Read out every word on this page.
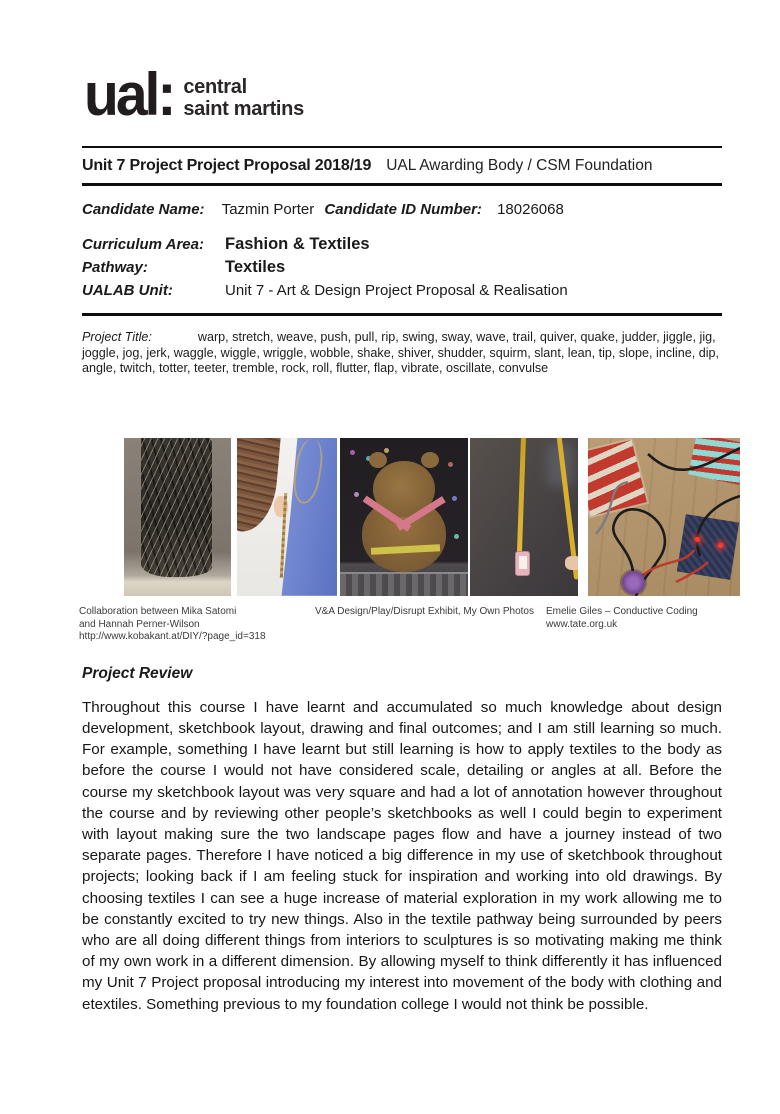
ual: central
saint martins
Unit 7 Project Project Proposal 2018/19 UAL Awarding Body / CSM Foundation

Candidate Name: Tazmin Porter Candidate ID Number: 18026068

Curriculum Area:	Fashion & Textiles
Pathway:	Textiles
UALAB Unit:	Unit 7 - Art & Design Project Proposal & Realisation

Project Title:	warp, stretch, weave, push, pull, rip, swing, sway, wave, trail, quiver, quake, judder, jiggle, jig, joggle, jog, jerk, waggle, wiggle, wriggle, wobble, shake, shiver, shudder, squirm, slant, lean, tip, slope, incline, dip, angle, twitch, totter, teeter, tremble, rock, roll, flutter, flap, vibrate, oscillate, convulse

Collaboration between Mika Satomi
and Hannah Perner-Wilson
http://www.kobakant.at/DIY/?page_id=318
V&A Design/Play/Disrupt Exhibit, My Own Photos Emelie Giles – Conductive Coding
www.tate.org.uk
Project Review

Throughout this course I have learnt and accumulated so much knowledge about design development, sketchbook layout, drawing and final outcomes; and I am still learning so much. For example, something I have learnt but still learning is how to apply textiles to the body as before the course I would not have considered scale, detailing or angles at all. Before the course my sketchbook layout was very square and had a lot of annotation however throughout the course and by reviewing other people’s sketchbooks as well I could begin to experiment with layout making sure the two landscape pages flow and have a journey instead of two separate pages. Therefore I have noticed a big difference in my use of sketchbook throughout projects; looking back if I am feeling stuck for inspiration and working into old drawings. By choosing textiles I can see a huge increase of material exploration in my work allowing me to be constantly excited to try new things. Also in the textile pathway being surrounded by peers who are all doing different things from interiors to sculptures is so motivating making me think of my own work in a different dimension. By allowing myself to think differently it has influenced my Unit 7 Project proposal introducing my interest into movement of the body with clothing and etextiles. Something previous to my foundation college I would not think be possible.
